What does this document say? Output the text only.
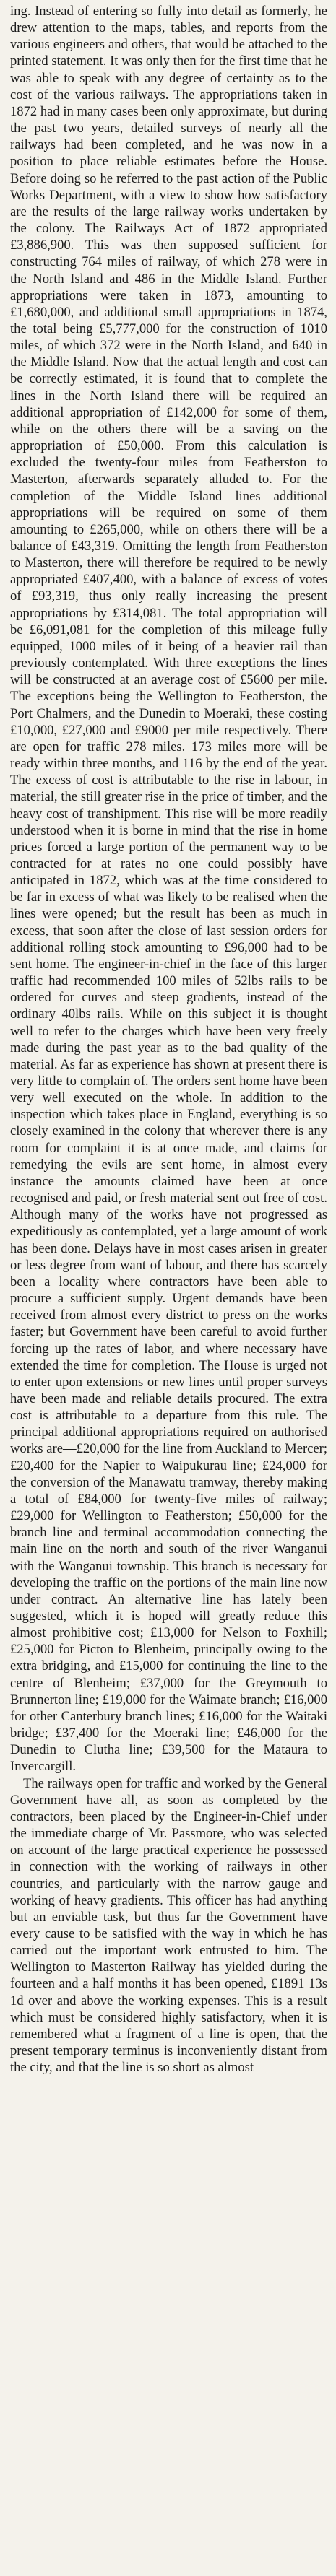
ing. Instead of entering so fully into detail as formerly, he drew attention to the maps, tables, and reports from the various engineers and others, that would be attached to the printed statement. It was only then for the first time that he was able to speak with any degree of certainty as to the cost of the various railways. The appropriations taken in 1872 had in many cases been only approximate, but during the past two years, detailed surveys of nearly all the railways had been completed, and he was now in a position to place reliable estimates before the House. Before doing so he referred to the past action of the Public Works Department, with a view to show how satisfactory are the results of the large railway works undertaken by the colony. The Railways Act of 1872 appropriated £3,886,900. This was then supposed sufficient for constructing 764 miles of railway, of which 278 were in the North Island and 486 in the Middle Island. Further appropriations were taken in 1873, amounting to £1,680,000, and additional small appropriations in 1874, the total being £5,777,000 for the construction of 1010 miles, of which 372 were in the North Island, and 640 in the Middle Island. Now that the actual length and cost can be correctly estimated, it is found that to complete the lines in the North Island there will be required an additional appropriation of £142,000 for some of them, while on the others there will be a saving on the appropriation of £50,000. From this calculation is excluded the twenty-four miles from Featherston to Masterton, afterwards separately alluded to. For the completion of the Middle Island lines additional appropriations will be required on some of them amounting to £265,000, while on others there will be a balance of £43,319. Omitting the length from Featherston to Masterton, there will therefore be required to be newly appropriated £407,400, with a balance of excess of votes of £93,319, thus only really increasing the present appropriations by £314,081. The total appropriation will be £6,091,081 for the completion of this mileage fully equipped, 1000 miles of it being of a heavier rail than previously contemplated. With three exceptions the lines will be constructed at an average cost of £5600 per mile. The exceptions being the Wellington to Featherston, the Port Chalmers, and the Dunedin to Moeraki, these costing £10,000, £27,000 and £9000 per mile respectively. There are open for traffic 278 miles. 173 miles more will be ready within three months, and 116 by the end of the year. The excess of cost is attributable to the rise in labour, in material, the still greater rise in the price of timber, and the heavy cost of transhipment. This rise will be more readily understood when it is borne in mind that the rise in home prices forced a large portion of the permanent way to be contracted for at rates no one could possibly have anticipated in 1872, which was at the time considered to be far in excess of what was likely to be realised when the lines were opened; but the result has been as much in excess, that soon after the close of last session orders for additional rolling stock amounting to £96,000 had to be sent home. The engineer-in-chief in the face of this larger traffic had recommended 100 miles of 52lbs rails to be ordered for curves and steep gradients, instead of the ordinary 40lbs rails. While on this subject it is thought well to refer to the charges which have been very freely made during the past year as to the bad quality of the material. As far as experience has shown at present there is very little to complain of. The orders sent home have been very well executed on the whole. In addition to the inspection which takes place in England, everything is so closely examined in the colony that wherever there is any room for complaint it is at once made, and claims for remedying the evils are sent home, in almost every instance the amounts claimed have been at once recognised and paid, or fresh material sent out free of cost. Although many of the works have not progressed as expeditiously as contemplated, yet a large amount of work has been done. Delays have in most cases arisen in greater or less degree from want of labour, and there has scarcely been a locality where contractors have been able to procure a sufficient supply. Urgent demands have been received from almost every district to press on the works faster; but Government have been careful to avoid further forcing up the rates of labor, and where necessary have extended the time for completion. The House is urged not to enter upon extensions or new lines until proper surveys have been made and reliable details procured. The extra cost is attributable to a departure from this rule. The principal additional appropriations required on authorised works are—£20,000 for the line from Auckland to Mercer; £20,400 for the Napier to Waipukurau line; £24,000 for the conversion of the Manawatu tramway, thereby making a total of £84,000 for twenty-five miles of railway; £29,000 for Wellington to Featherston; £50,000 for the branch line and terminal accommodation connecting the main line on the north and south of the river Wanganui with the Wanganui township. This branch is necessary for developing the traffic on the portions of the main line now under contract. An alternative line has lately been suggested, which it is hoped will greatly reduce this almost prohibitive cost; £13,000 for Nelson to Foxhill; £25,000 for Picton to Blenheim, principally owing to the extra bridging, and £15,000 for continuing the line to the centre of Blenheim; £37,000 for the Greymouth to Brunnerton line; £19,000 for the Waimate branch; £16,000 for other Canterbury branch lines; £16,000 for the Waitaki bridge; £37,400 for the Moeraki line; £46,000 for the Dunedin to Clutha line; £39,500 for the Mataura to Invercargill.

The railways open for traffic and worked by the General Government have all, as soon as completed by the contractors, been placed by the Engineer-in-Chief under the immediate charge of Mr. Passmore, who was selected on account of the large practical experience he possessed in connection with the working of railways in other countries, and particularly with the narrow gauge and working of heavy gradients. This officer has had anything but an enviable task, but thus far the Government have every cause to be satisfied with the way in which he has carried out the important work entrusted to him. The Wellington to Masterton Railway has yielded during the fourteen and a half months it has been opened, £1891 13s 1d over and above the working expenses. This is a result which must be considered highly satisfactory, when it is remembered what a fragment of a line is open, that the present temporary terminus is inconveniently distant from the city, and that the line is so short as almost
